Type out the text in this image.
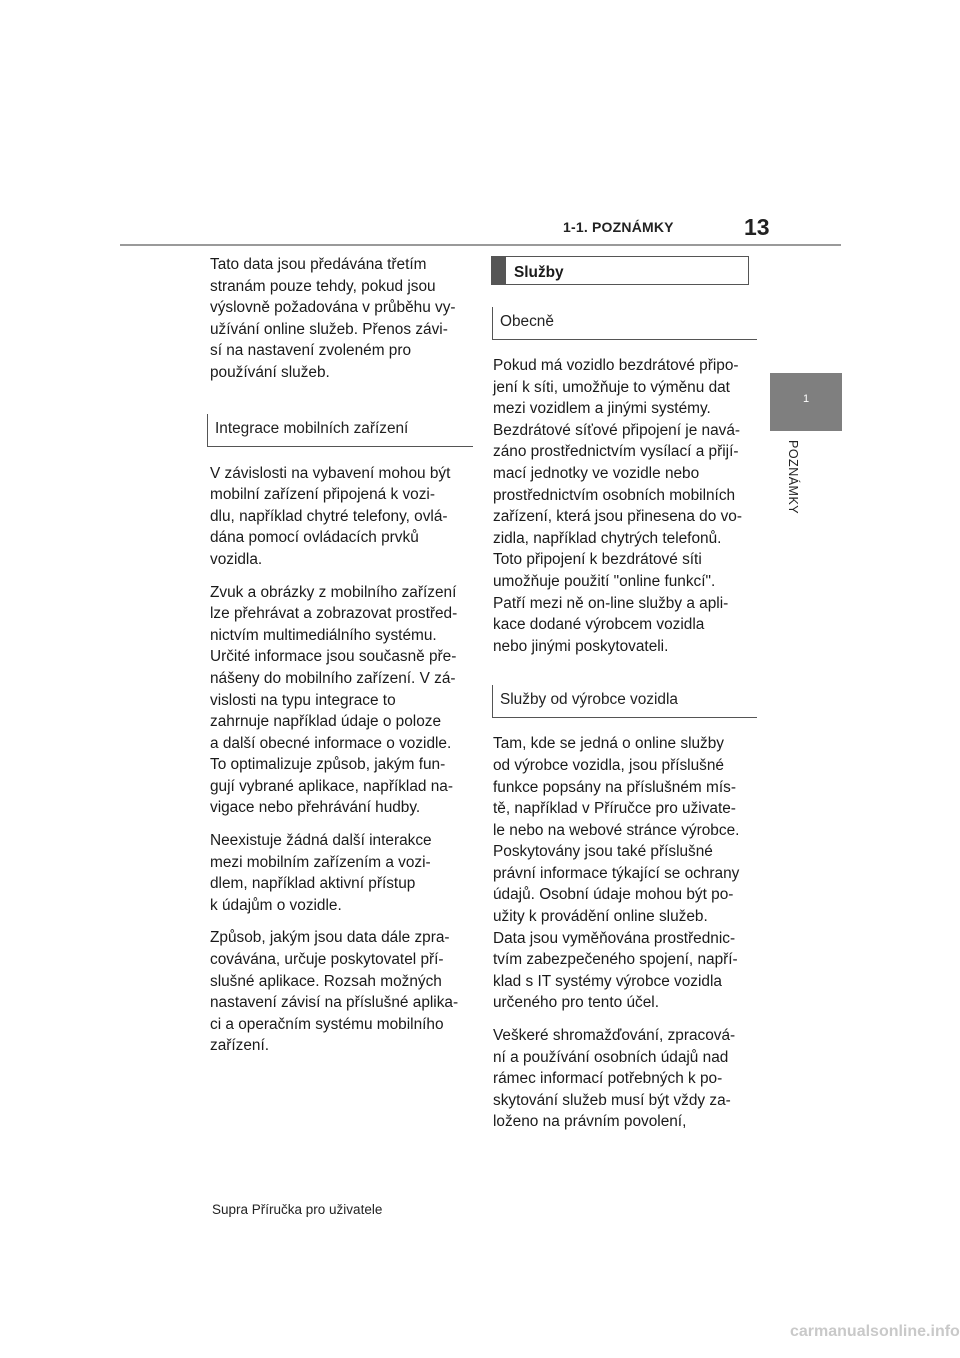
1-1. POZNÁMKY	13
1
POZNÁMKY

Tato data jsou předávána třetím
stranám pouze tehdy, pokud jsou
výslovně požadována v průběhu vy-
užívání online služeb. Přenos závi-
sí na nastavení zvoleném pro
používání služeb.

Integrace mobilních zařízení

V závislosti na vybavení mohou být
mobilní zařízení připojená k vozi-
dlu, například chytré telefony, ovlá-
dána pomocí ovládacích prvků
vozidla.

Zvuk a obrázky z mobilního zařízení
lze přehrávat a zobrazovat prostřed-
nictvím multimediálního systému.
Určité informace jsou současně pře-
nášeny do mobilního zařízení. V zá-
vislosti na typu integrace to
zahrnuje například údaje o poloze
a další obecné informace o vozidle.
To optimalizuje způsob, jakým fun-
gují vybrané aplikace, například na-
vigace nebo přehrávání hudby.

Neexistuje žádná další interakce
mezi mobilním zařízením a vozi-
dlem, například aktivní přístup
k údajům o vozidle.

Způsob, jakým jsou data dále zpra-
covávána, určuje poskytovatel pří-
slušné aplikace. Rozsah možných
nastavení závisí na příslušné aplika-
ci a operačním systému mobilního
zařízení.

Služby
Obecně

Pokud má vozidlo bezdrátové připo-
jení k síti, umožňuje to výměnu dat
mezi vozidlem a jinými systémy.
Bezdrátové síťové připojení je navá-
záno prostřednictvím vysílací a přijí-
mací jednotky ve vozidle nebo
prostřednictvím osobních mobilních
zařízení, která jsou přinesena do vo-
zidla, například chytrých telefonů.
Toto připojení k bezdrátové síti
umožňuje použití "online funkcí".
Patří mezi ně on-line služby a apli-
kace dodané výrobcem vozidla
nebo jinými poskytovateli.

Služby od výrobce vozidla

Tam, kde se jedná o online služby
od výrobce vozidla, jsou příslušné
funkce popsány na příslušném mís-
tě, například v Příručce pro uživate-
le nebo na webové stránce výrobce.
Poskytovány jsou také příslušné
právní informace týkající se ochrany
údajů. Osobní údaje mohou být po-
užity k provádění online služeb.
Data jsou vyměňována prostřednic-
tvím zabezpečeného spojení, napří-
klad s IT systémy výrobce vozidla
určeného pro tento účel.

Veškeré shromažďování, zpracová-
ní a používání osobních údajů nad
rámec informací potřebných k po-
skytování služeb musí být vždy za-
loženo na právním povolení,

Supra Příručka pro uživatele
carmanualsonline.info
